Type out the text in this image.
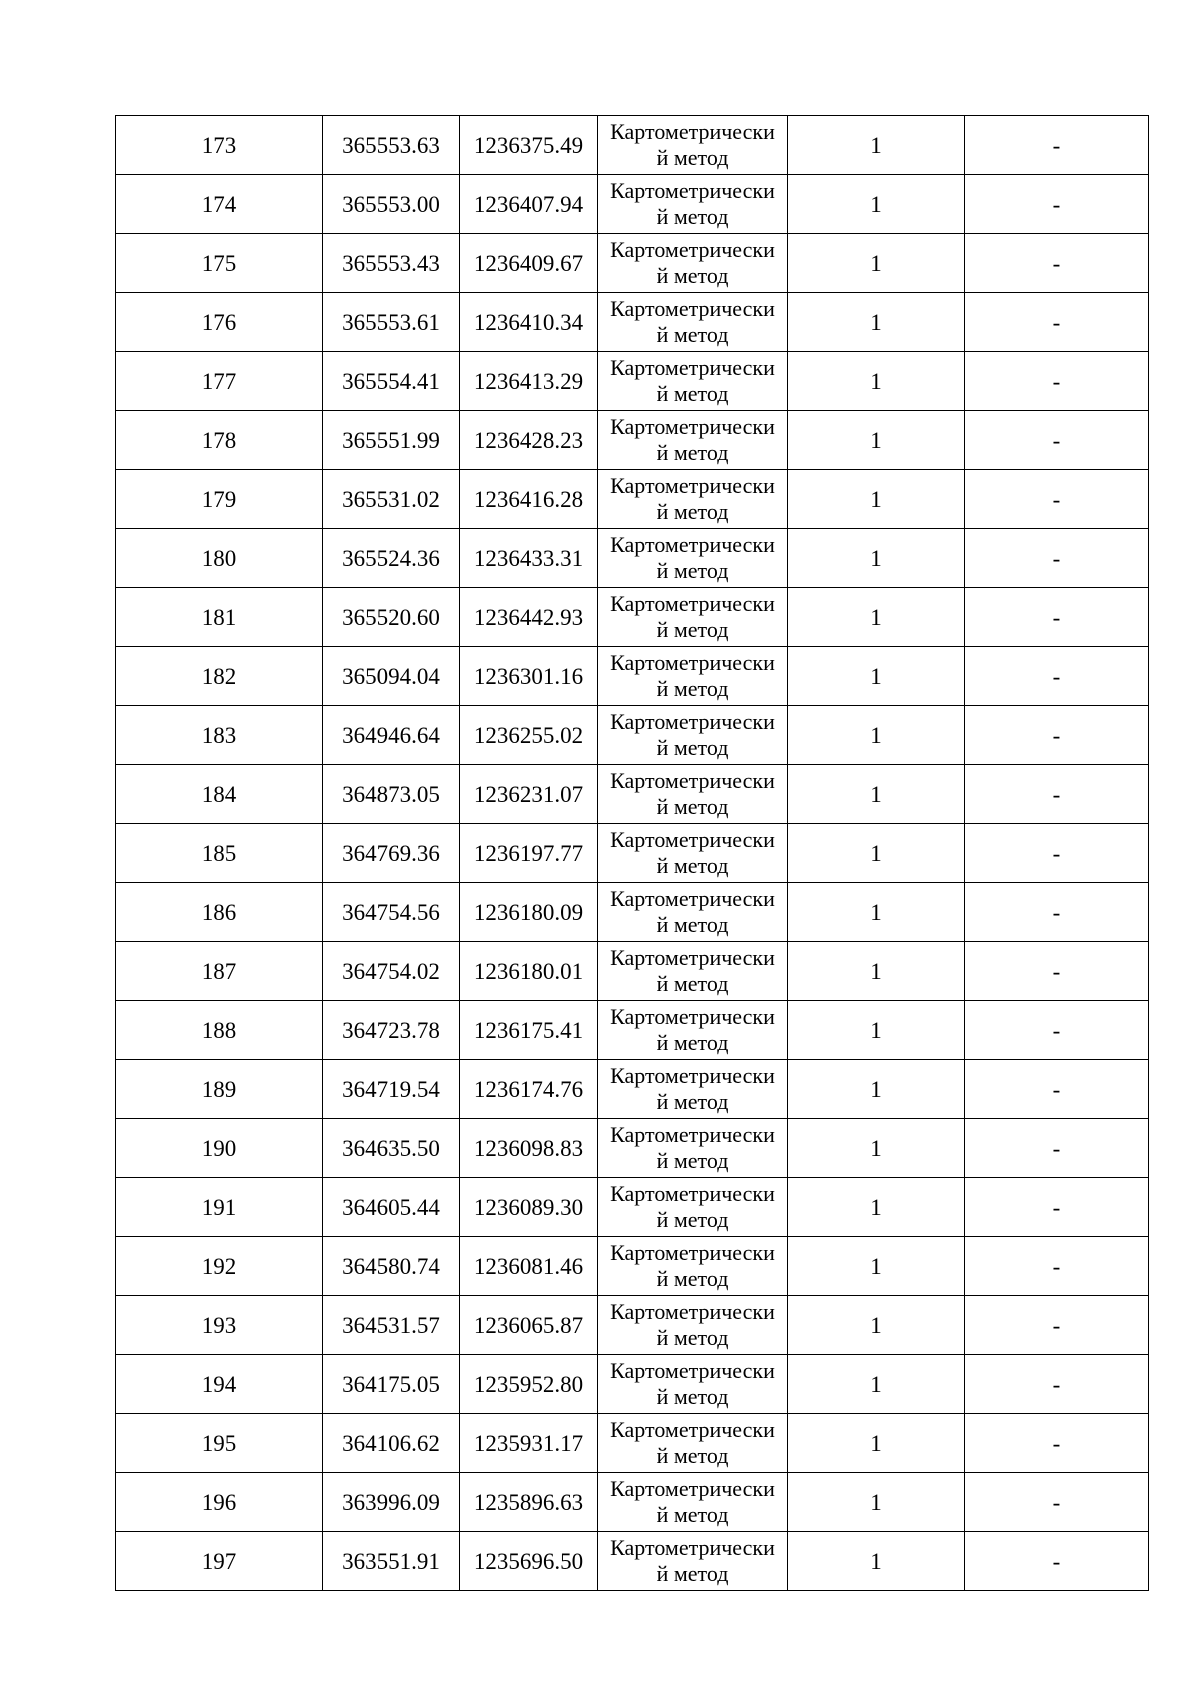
173	365553.63	1236375.49	Картометрически
й метод	1	-
174	365553.00	1236407.94	Картометрически
й метод	1	-
175	365553.43	1236409.67	Картометрически
й метод	1	-
176	365553.61	1236410.34	Картометрически
й метод	1	-
177	365554.41	1236413.29	Картометрически
й метод	1	-
178	365551.99	1236428.23	Картометрически
й метод	1	-
179	365531.02	1236416.28	Картометрически
й метод	1	-
180	365524.36	1236433.31	Картометрически
й метод	1	-
181	365520.60	1236442.93	Картометрически
й метод	1	-
182	365094.04	1236301.16	Картометрически
й метод	1	-
183	364946.64	1236255.02	Картометрически
й метод	1	-
184	364873.05	1236231.07	Картометрически
й метод	1	-
185	364769.36	1236197.77	Картометрически
й метод	1	-
186	364754.56	1236180.09	Картометрически
й метод	1	-
187	364754.02	1236180.01	Картометрически
й метод	1	-
188	364723.78	1236175.41	Картометрически
й метод	1	-
189	364719.54	1236174.76	Картометрически
й метод	1	-
190	364635.50	1236098.83	Картометрически
й метод	1	-
191	364605.44	1236089.30	Картометрически
й метод	1	-
192	364580.74	1236081.46	Картометрически
й метод	1	-
193	364531.57	1236065.87	Картометрически
й метод	1	-
194	364175.05	1235952.80	Картометрически
й метод	1	-
195	364106.62	1235931.17	Картометрически
й метод	1	-
196	363996.09	1235896.63	Картометрически
й метод	1	-
197	363551.91	1235696.50	Картометрически
й метод	1	-
